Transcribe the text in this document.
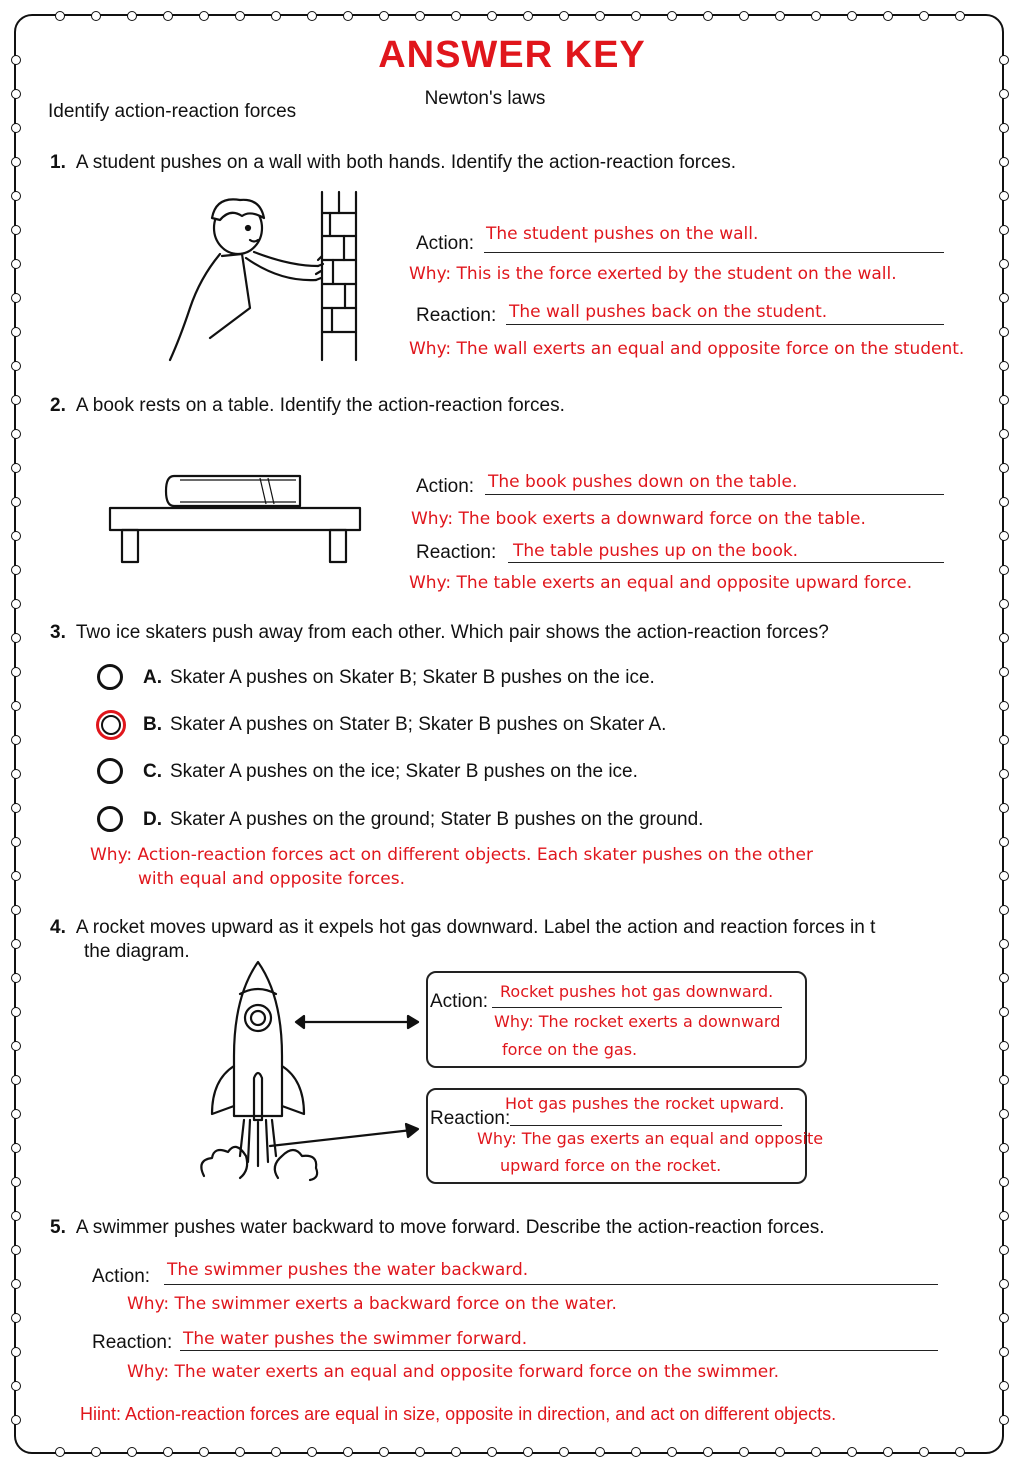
ANSWER KEY
Newton's laws
Identify action-reaction forces
1. A student pushes on a wall with both hands. Identify the action-reaction forces.
Action: The student pushes on the wall.
Why: This is the force exerted by the student on the wall.
Reaction: The wall pushes back on the student.
Why: The wall exerts an equal and opposite force on the student.
2. A book rests on a table. Identify the action-reaction forces.
Action: The book pushes down on the table.
Why: The book exerts a downward force on the table.
Reaction: The table pushes up on the book.
Why: The table exerts an equal and opposite upward force.
3. Two ice skaters push away from each other. Which pair shows the action-reaction forces?
A. Skater A pushes on Skater B; Skater B pushes on the ice.
B. Skater A pushes on Stater B; Skater B pushes on Skater A.
C. Skater A pushes on the ice; Skater B pushes on the ice.
D. Skater A pushes on the ground; Stater B pushes on the ground.
Why: Action-reaction forces act on different objects. Each skater pushes on the other
with equal and opposite forces.
4. A rocket moves upward as it expels hot gas downward. Label the action and reaction forces in t
the diagram.
Action: Rocket pushes hot gas downward.
Why: The rocket exerts a downward
force on the gas.
Reaction:
Hot gas pushes the rocket upward.
Why: The gas exerts an equal and opposite
upward force on the rocket.
5. A swimmer pushes water backward to move forward. Describe the action-reaction forces.
Action: The swimmer pushes the water backward.
Why: The swimmer exerts a backward force on the water.
Reaction: The water pushes the swimmer forward.
Why: The water exerts an equal and opposite forward force on the swimmer.
Hiint: Action-reaction forces are equal in size, opposite in direction, and act on different objects.
